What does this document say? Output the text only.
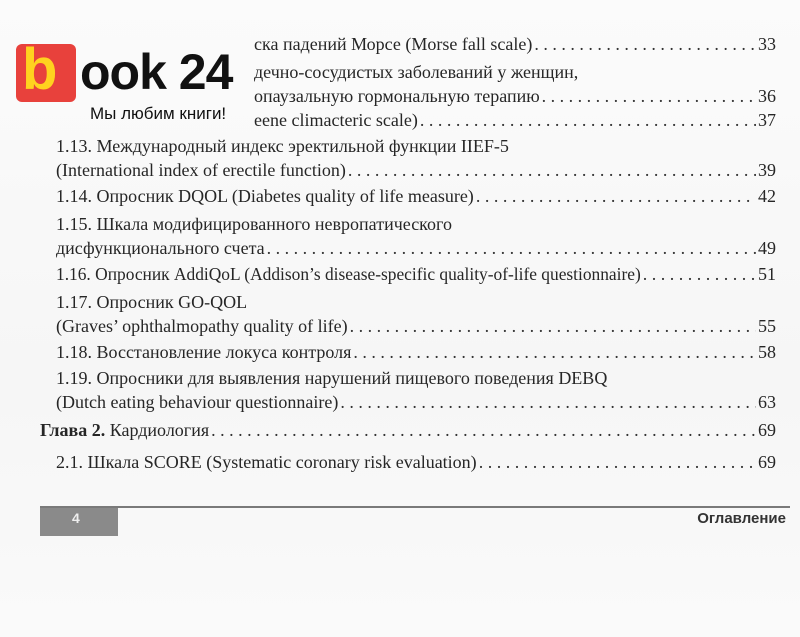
ска падений Морсе (Morse fall scale) . . .	33
дечно-сосудистых заболеваний у женщин,
опаузальную гормональную терапию . . .	36
eene climacteric scale) . . .	37
1.13. Международный индекс эректильной функции IIEF-5
(International index of erectile function) . . .	39
1.14. Опросник DQOL (Diabetes quality of life measure) . . .	42
1.15. Шкала модифицированного невропатического
дисфункционального счета . . .	49
1.16. Опросник AddiQoL (Addison’s disease-specific quality-of-life questionnaire) . . .	51
1.17. Опросник GO-QOL
(Graves’ ophthalmopathy quality of life) . . .	55
1.18. Восстановление локуса контроля . . .	58
1.19. Опросники для выявления нарушений пищевого поведения DEBQ
(Dutch eating behaviour questionnaire) . . .	63
Глава 2. Кардиология . . .	69
2.1. Шкала SCORE (Systematic coronary risk evaluation) . . .	69
4	Оглавление
b ook 24
Мы любим книги!
